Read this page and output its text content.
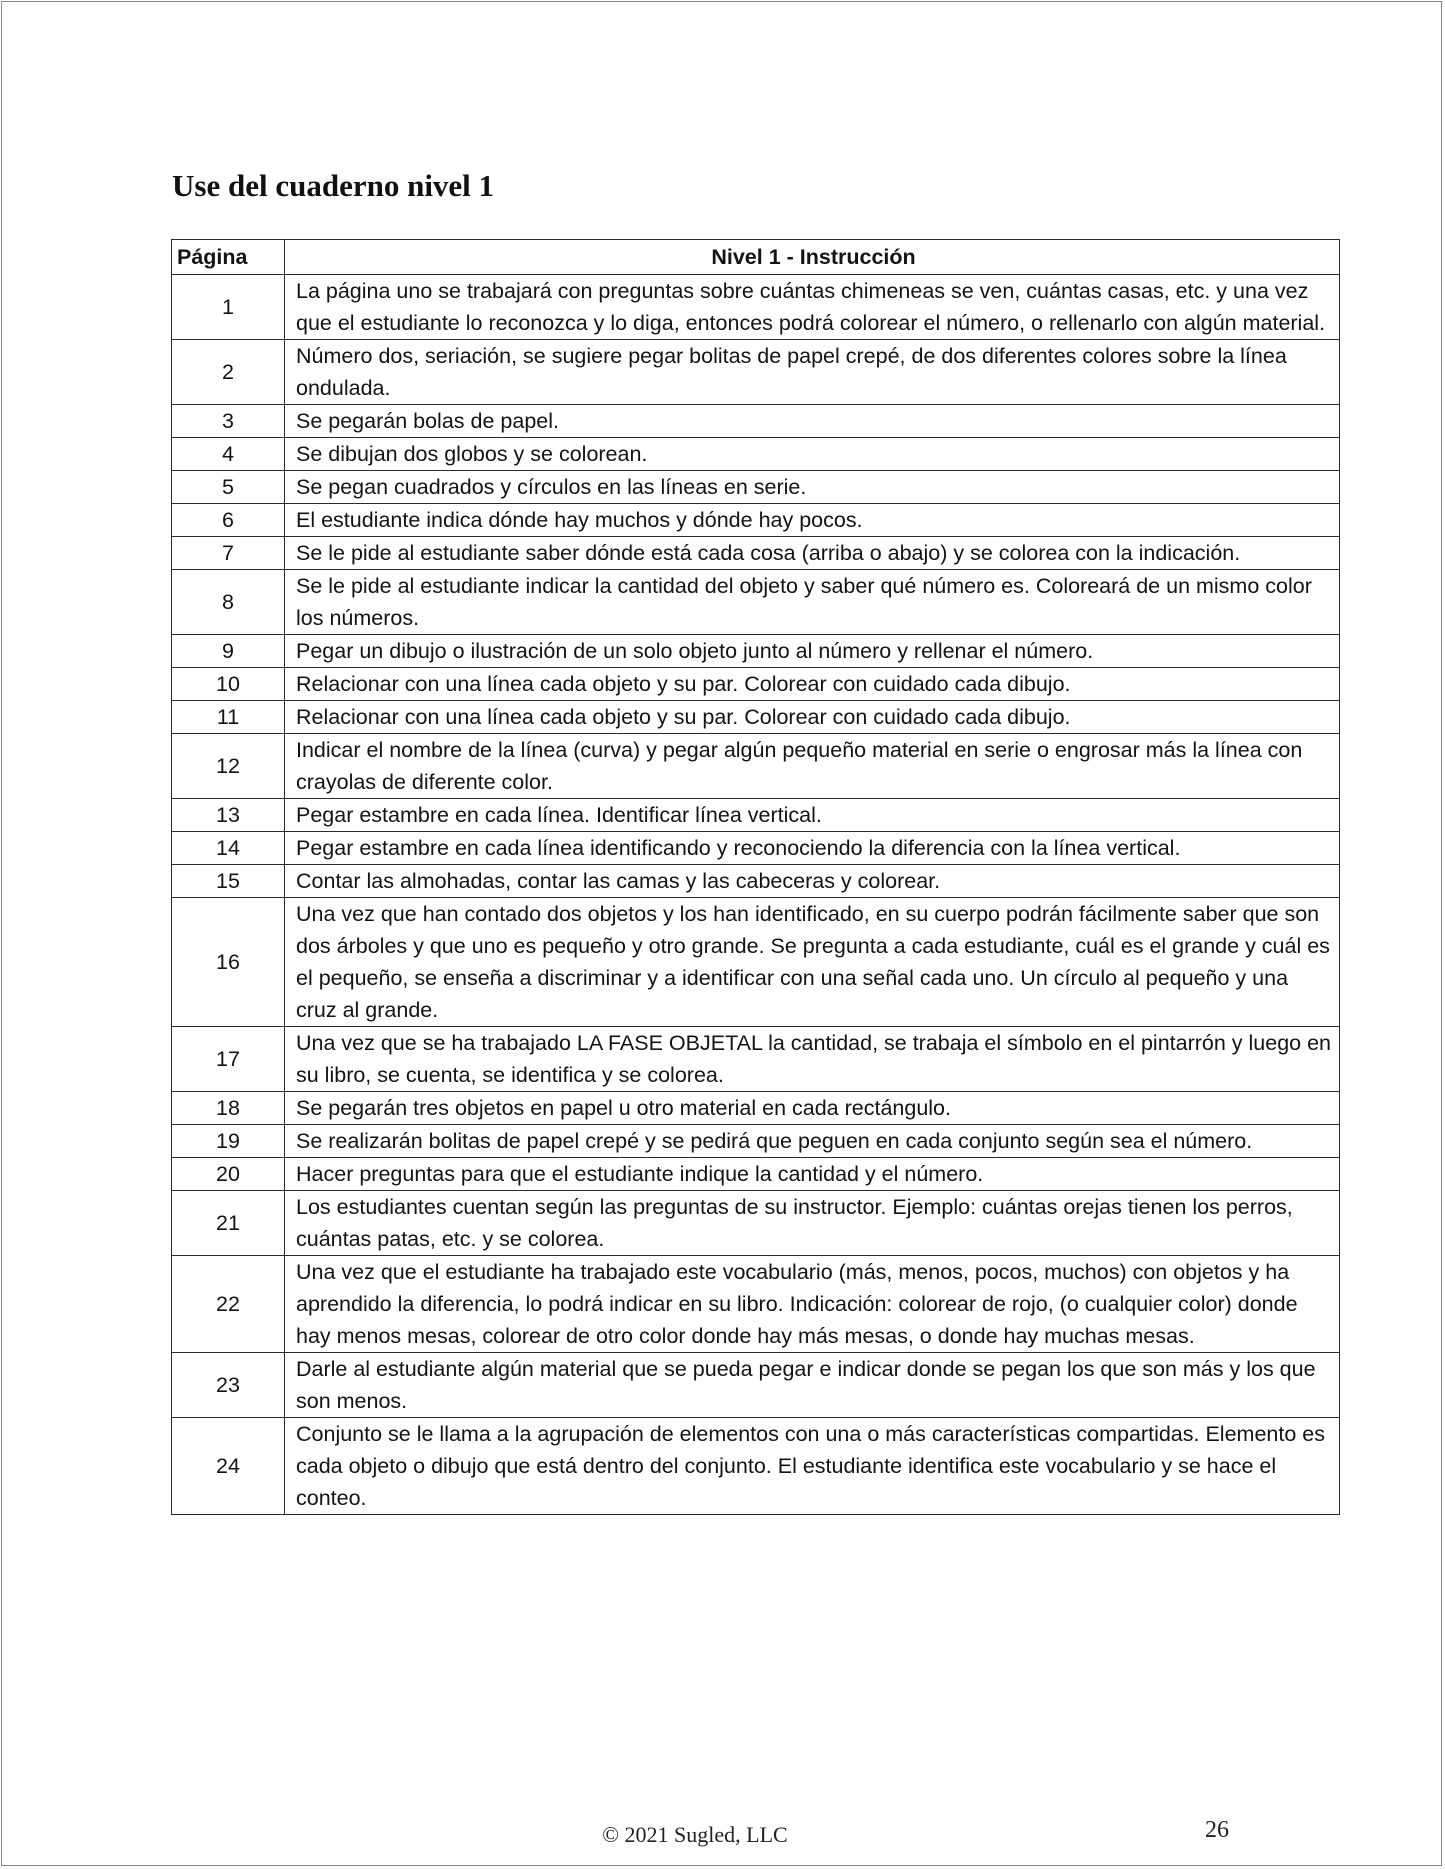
Use del cuaderno nivel 1
Página	Nivel 1 - Instrucción
1	La página uno se trabajará con preguntas sobre cuántas chimeneas se ven, cuántas casas, etc. y una vez que el estudiante lo reconozca y lo diga, entonces podrá colorear el número, o rellenarlo con algún material.
2	Número dos, seriación, se sugiere pegar bolitas de papel crepé, de dos diferentes colores sobre la línea ondulada.
3	Se pegarán bolas de papel.
4	Se dibujan dos globos y se colorean.
5	Se pegan cuadrados y círculos en las líneas en serie.
6	El estudiante indica dónde hay muchos y dónde hay pocos.
7	Se le pide al estudiante saber dónde está cada cosa (arriba o abajo) y se colorea con la indicación.
8	Se le pide al estudiante indicar la cantidad del objeto y saber qué número es. Coloreará de un mismo color los números.
9	Pegar un dibujo o ilustración de un solo objeto junto al número y rellenar el número.
10	Relacionar con una línea cada objeto y su par. Colorear con cuidado cada dibujo.
11	Relacionar con una línea cada objeto y su par. Colorear con cuidado cada dibujo.
12	Indicar el nombre de la línea (curva) y pegar algún pequeño material en serie o engrosar más la línea con crayolas de diferente color.
13	Pegar estambre en cada línea. Identificar línea vertical.
14	Pegar estambre en cada línea identificando y reconociendo la diferencia con la línea vertical.
15	Contar las almohadas, contar las camas y las cabeceras y colorear.
16	Una vez que han contado dos objetos y los han identificado, en su cuerpo podrán fácilmente saber que son dos árboles y que uno es pequeño y otro grande. Se pregunta a cada estudiante, cuál es el grande y cuál es el pequeño, se enseña a discriminar y a identificar con una señal cada uno. Un círculo al pequeño y una cruz al grande.
17	Una vez que se ha trabajado LA FASE OBJETAL la cantidad, se trabaja el símbolo en el pintarrón y luego en su libro, se cuenta, se identifica y se colorea.
18	Se pegarán tres objetos en papel u otro material en cada rectángulo.
19	Se realizarán bolitas de papel crepé y se pedirá que peguen en cada conjunto según sea el número.
20	Hacer preguntas para que el estudiante indique la cantidad y el número.
21	Los estudiantes cuentan según las preguntas de su instructor. Ejemplo: cuántas orejas tienen los perros, cuántas patas, etc. y se colorea.
22	Una vez que el estudiante ha trabajado este vocabulario (más, menos, pocos, muchos) con objetos y ha aprendido la diferencia, lo podrá indicar en su libro. Indicación: colorear de rojo, (o cualquier color) donde hay menos mesas, colorear de otro color donde hay más mesas, o donde hay muchas mesas.
23	Darle al estudiante algún material que se pueda pegar e indicar donde se pegan los que son más y los que son menos.
24	Conjunto se le llama a la agrupación de elementos con una o más características compartidas. Elemento es cada objeto o dibujo que está dentro del conjunto. El estudiante identifica este vocabulario y se hace el conteo.
© 2021 Sugled, LLC	26
